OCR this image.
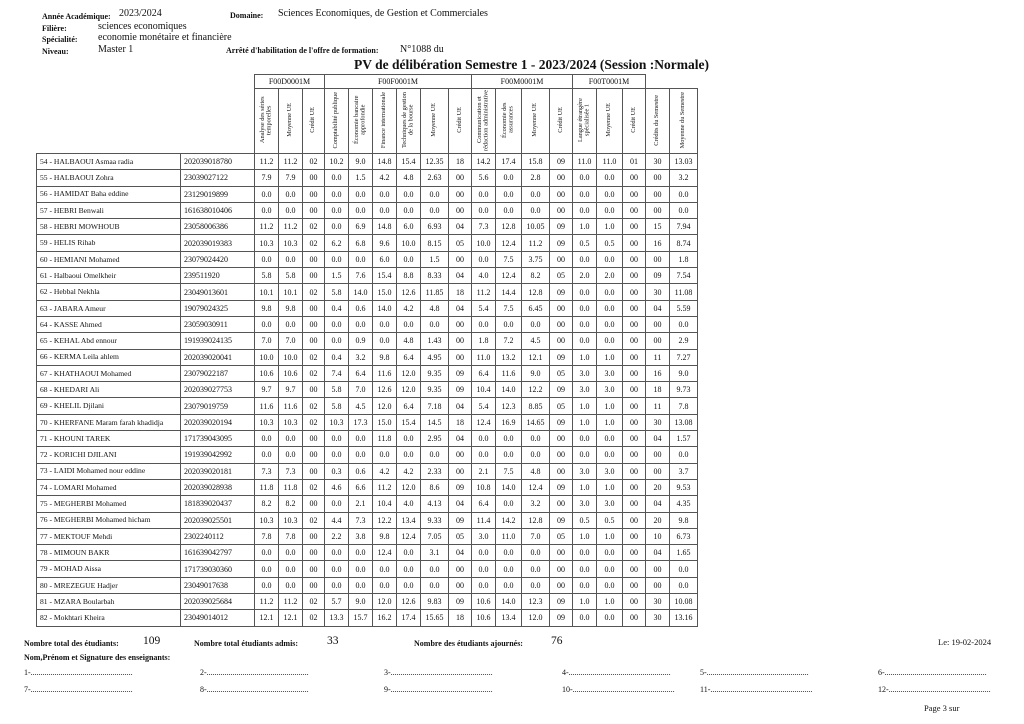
Année Académique: 2023/2024	Domaine: Sciences Economiques, de Gestion et Commerciales
Filière:	sciences economiques
Spécialité: economie monétaire et financière
Niveau:	Master 1	Arrêté d'habilitation de l'offre de formation: N°1088 du
PV de délibération Semestre 1 - 2023/2024 (Session :Normale)
		F00D0001M			F00F0001M						F00M0001M				F00T0001M				
		Analyse des séries temporelles	Moyenne UE	Crédit UE	Comptabilité publique	Économie bancaire approfondie	Finance internationale	Techniques de gestion de la bourse	Moyenne UE	Crédit UE	Communication et rédaction administrative	Économie des assurances	Moyenne UE	Crédit UE	Langue étrangère spécialisée 1	Moyenne UE	Crédit UE	Crédits du Semestre	Moyenne du Semestre
54 - HALBAOUI Asmaa radia	202039018780	11.2	11.2	02	10.2	9.0	14.8	15.4	12.35	18	14.2	17.4	15.8	09	11.0	11.0	01	30	13.03
55 - HALBAOUI Zohra	23039027122	7.9	7.9	00	0.0	1.5	4.2	4.8	2.63	00	5.6	0.0	2.8	00	0.0	0.0	00	00	3.2
56 - HAMIDAT Baha eddine	23129019899	0.0	0.0	00	0.0	0.0	0.0	0.0	0.0	00	0.0	0.0	0.0	00	0.0	0.0	00	00	0.0
57 - HEBRI Benwali	161638010406	0.0	0.0	00	0.0	0.0	0.0	0.0	0.0	00	0.0	0.0	0.0	00	0.0	0.0	00	00	0.0
58 - HEBRI MOWHOUB	23058006386	11.2	11.2	02	0.0	6.9	14.8	6.0	6.93	04	7.3	12.8	10.05	09	1.0	1.0	00	15	7.94
59 - HELIS Rihab	202039019383	10.3	10.3	02	6.2	6.8	9.6	10.0	8.15	05	10.0	12.4	11.2	09	0.5	0.5	00	16	8.74
60 - HEMIANI Mohamed	23079024420	0.0	0.0	00	0.0	0.0	6.0	0.0	1.5	00	0.0	7.5	3.75	00	0.0	0.0	00	00	1.8
61 - Halbaoui Omelkheir	239511920	5.8	5.8	00	1.5	7.6	15.4	8.8	8.33	04	4.0	12.4	8.2	05	2.0	2.0	00	09	7.54
62 - Hebbal Nekhla	23049013601	10.1	10.1	02	5.8	14.0	15.0	12.6	11.85	18	11.2	14.4	12.8	09	0.0	0.0	00	30	11.08
63 - JABARA Ameur	19079024325	9.8	9.8	00	0.4	0.6	14.0	4.2	4.8	04	5.4	7.5	6.45	00	0.0	0.0	00	04	5.59
64 - KASSE Ahmed	23059030911	0.0	0.0	00	0.0	0.0	0.0	0.0	0.0	00	0.0	0.0	0.0	00	0.0	0.0	00	00	0.0
65 - KEHAL Abd ennour	191939024135	7.0	7.0	00	0.0	0.9	0.0	4.8	1.43	00	1.8	7.2	4.5	00	0.0	0.0	00	00	2.9
66 - KERMA Leila ahlem	202039020041	10.0	10.0	02	0.4	3.2	9.8	6.4	4.95	00	11.0	13.2	12.1	09	1.0	1.0	00	11	7.27
67 - KHATHAOUI Mohamed	23079022187	10.6	10.6	02	7.4	6.4	11.6	12.0	9.35	09	6.4	11.6	9.0	05	3.0	3.0	00	16	9.0
68 - KHEDARI Ali	202039027753	9.7	9.7	00	5.8	7.0	12.6	12.0	9.35	09	10.4	14.0	12.2	09	3.0	3.0	00	18	9.73
69 - KHELIL Djilani	23079019759	11.6	11.6	02	5.8	4.5	12.0	6.4	7.18	04	5.4	12.3	8.85	05	1.0	1.0	00	11	7.8
70 - KHERFANE Maram farah khadidja	202039020194	10.3	10.3	02	10.3	17.3	15.0	15.4	14.5	18	12.4	16.9	14.65	09	1.0	1.0	00	30	13.08
71 - KHOUNI TAREK	171739043095	0.0	0.0	00	0.0	0.0	11.8	0.0	2.95	04	0.0	0.0	0.0	00	0.0	0.0	00	04	1.57
72 - KORICHI DJILANI	191939042992	0.0	0.0	00	0.0	0.0	0.0	0.0	0.0	00	0.0	0.0	0.0	00	0.0	0.0	00	00	0.0
73 - LAIDI Mohamed nour eddine	202039020181	7.3	7.3	00	0.3	0.6	4.2	4.2	2.33	00	2.1	7.5	4.8	00	3.0	3.0	00	00	3.7
74 - LOMARI Mohamed	202039028938	11.8	11.8	02	4.6	6.6	11.2	12.0	8.6	09	10.8	14.0	12.4	09	1.0	1.0	00	20	9.53
75 - MEGHERBI Mohamed	181839020437	8.2	8.2	00	0.0	2.1	10.4	4.0	4.13	04	6.4	0.0	3.2	00	3.0	3.0	00	04	4.35
76 - MEGHERBI Mohamed hicham	202039025501	10.3	10.3	02	4.4	7.3	12.2	13.4	9.33	09	11.4	14.2	12.8	09	0.5	0.5	00	20	9.8
77 - MEKTOUF Mehdi	2302240112	7.8	7.8	00	2.2	3.8	9.8	12.4	7.05	05	3.0	11.0	7.0	05	1.0	1.0	00	10	6.73
78 - MIMOUN BAKR	161639042797	0.0	0.0	00	0.0	0.0	12.4	0.0	3.1	04	0.0	0.0	0.0	00	0.0	0.0	00	04	1.65
79 - MOHAD Aissa	171739030360	0.0	0.0	00	0.0	0.0	0.0	0.0	0.0	00	0.0	0.0	0.0	00	0.0	0.0	00	00	0.0
80 - MREZEGUE Hadjer	23049017638	0.0	0.0	00	0.0	0.0	0.0	0.0	0.0	00	0.0	0.0	0.0	00	0.0	0.0	00	00	0.0
81 - MZARA Boularbah	202039025684	11.2	11.2	02	5.7	9.0	12.0	12.6	9.83	09	10.6	14.0	12.3	09	1.0	1.0	00	30	10.08
82 - Mokhtari Kheira	23049014012	12.1	12.1	02	13.3	15.7	16.2	17.4	15.65	18	10.6	13.4	12.0	09	0.0	0.0	00	30	13.16
Nombre total des étudiants: 109	Nombre total étudiants admis:	33	Nombre des étudiants ajournés: 76	Le: 19-02-2024
Nom,Prénom et Signature des enseignants:
1-...................................................	2-...................................................	3-...................................................	4-...................................................	5-...................................................	6-...................................................
7-...................................................	8-...................................................	9-...................................................	10-...................................................	11-...................................................	12-...................................................
Page 3 sur
